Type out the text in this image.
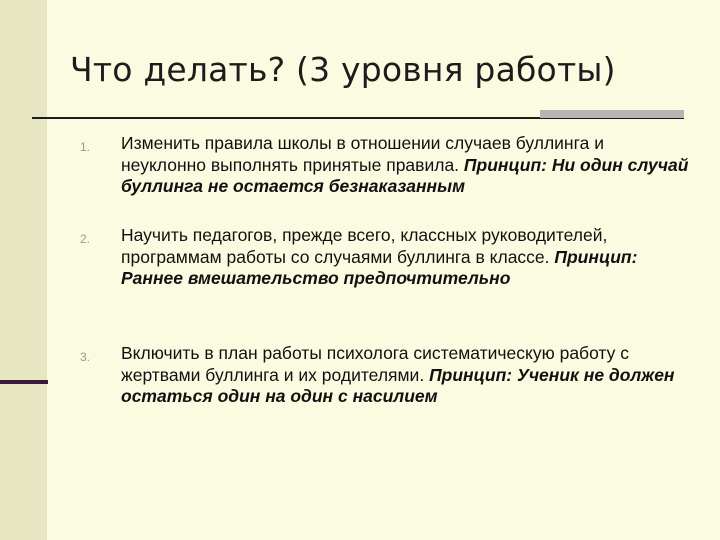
Что делать? (3 уровня работы)
1. Изменить правила школы в отношении случаев буллинга и неуклонно выполнять принятые правила. Принцип: Ни один случай буллинга не остается безнаказанным
2. Научить педагогов, прежде всего, классных руководителей, программам работы со случаями буллинга в классе. Принцип: Раннее вмешательство предпочтительно
3. Включить в план работы психолога систематическую работу с жертвами буллинга и их родителями. Принцип: Ученик не должен остаться один на один с насилием
